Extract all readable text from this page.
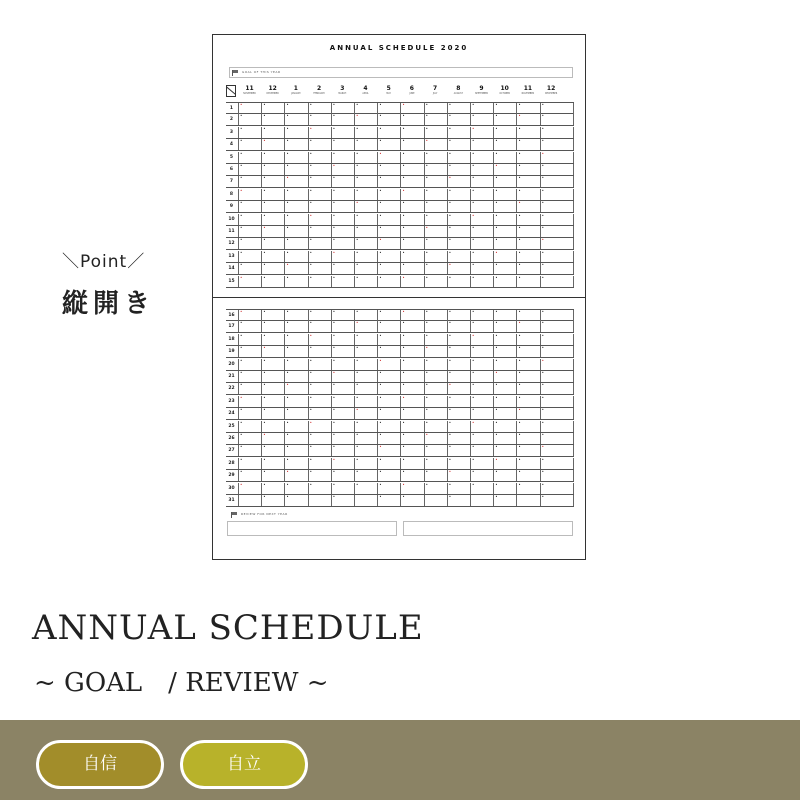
ANNUAL SCHEDULE 2020
GOAL OF THIS YEAR
11
NOVEMBER
12
DECEMBER
1
JANUARY
2
FEBRUARY
3
MARCH
4
APRIL
5
MAY
6
JUNE
7
JULY
8
AUGUST
9
SEPTEMBER
10
OCTOBER
11
NOVEMBER
12
DECEMBER
1
•
•
•
•
•
•
•
•
•
•
•
•
•
•
2
•
•
•
•
•
•
•
•
•
•
•
•
•
•
3
•
•
•
•
•
•
•
•
•
•
•
•
•
•
4
•
•
•
•
•
•
•
•
•
•
•
•
•
•
5
•
•
•
•
•
•
•
•
•
•
•
•
•
•
6
•
•
•
•
•
•
•
•
•
•
•
•
•
•
7
•
•
•
•
•
•
•
•
•
•
•
•
•
•
8
•
•
•
•
•
•
•
•
•
•
•
•
•
•
9
•
•
•
•
•
•
•
•
•
•
•
•
•
•
10
•
•
•
•
•
•
•
•
•
•
•
•
•
•
11
•
•
•
•
•
•
•
•
•
•
•
•
•
•
12
•
•
•
•
•
•
•
•
•
•
•
•
•
•
13
•
•
•
•
•
•
•
•
•
•
•
•
•
•
14
•
•
•
•
•
•
•
•
•
•
•
•
•
•
15
•
•
•
•
•
•
•
•
•
•
•
•
•
•
16
•
•
•
•
•
•
•
•
•
•
•
•
•
•
17
•
•
•
•
•
•
•
•
•
•
•
•
•
•
18
•
•
•
•
•
•
•
•
•
•
•
•
•
•
19
•
•
•
•
•
•
•
•
•
•
•
•
•
•
20
•
•
•
•
•
•
•
•
•
•
•
•
•
•
21
•
•
•
•
•
•
•
•
•
•
•
•
•
•
22
•
•
•
•
•
•
•
•
•
•
•
•
•
•
23
•
•
•
•
•
•
•
•
•
•
•
•
•
•
24
•
•
•
•
•
•
•
•
•
•
•
•
•
•
25
•
•
•
•
•
•
•
•
•
•
•
•
•
•
26
•
•
•
•
•
•
•
•
•
•
•
•
•
•
27
•
•
•
•
•
•
•
•
•
•
•
•
•
•
28
•
•
•
•
•
•
•
•
•
•
•
•
•
•
29
•
•
•
•
•
•
•
•
•
•
•
•
•
•
30
•
•
•
•
•
•
•
•
•
•
•
•
•
•
31
•
•
•
•
•
•
•
•
REVIEW FOR NEXT YEAR
＼Point／
縦開き
ANNUAL SCHEDULE
~ GOAL　/ REVIEW ~
自信	自立
